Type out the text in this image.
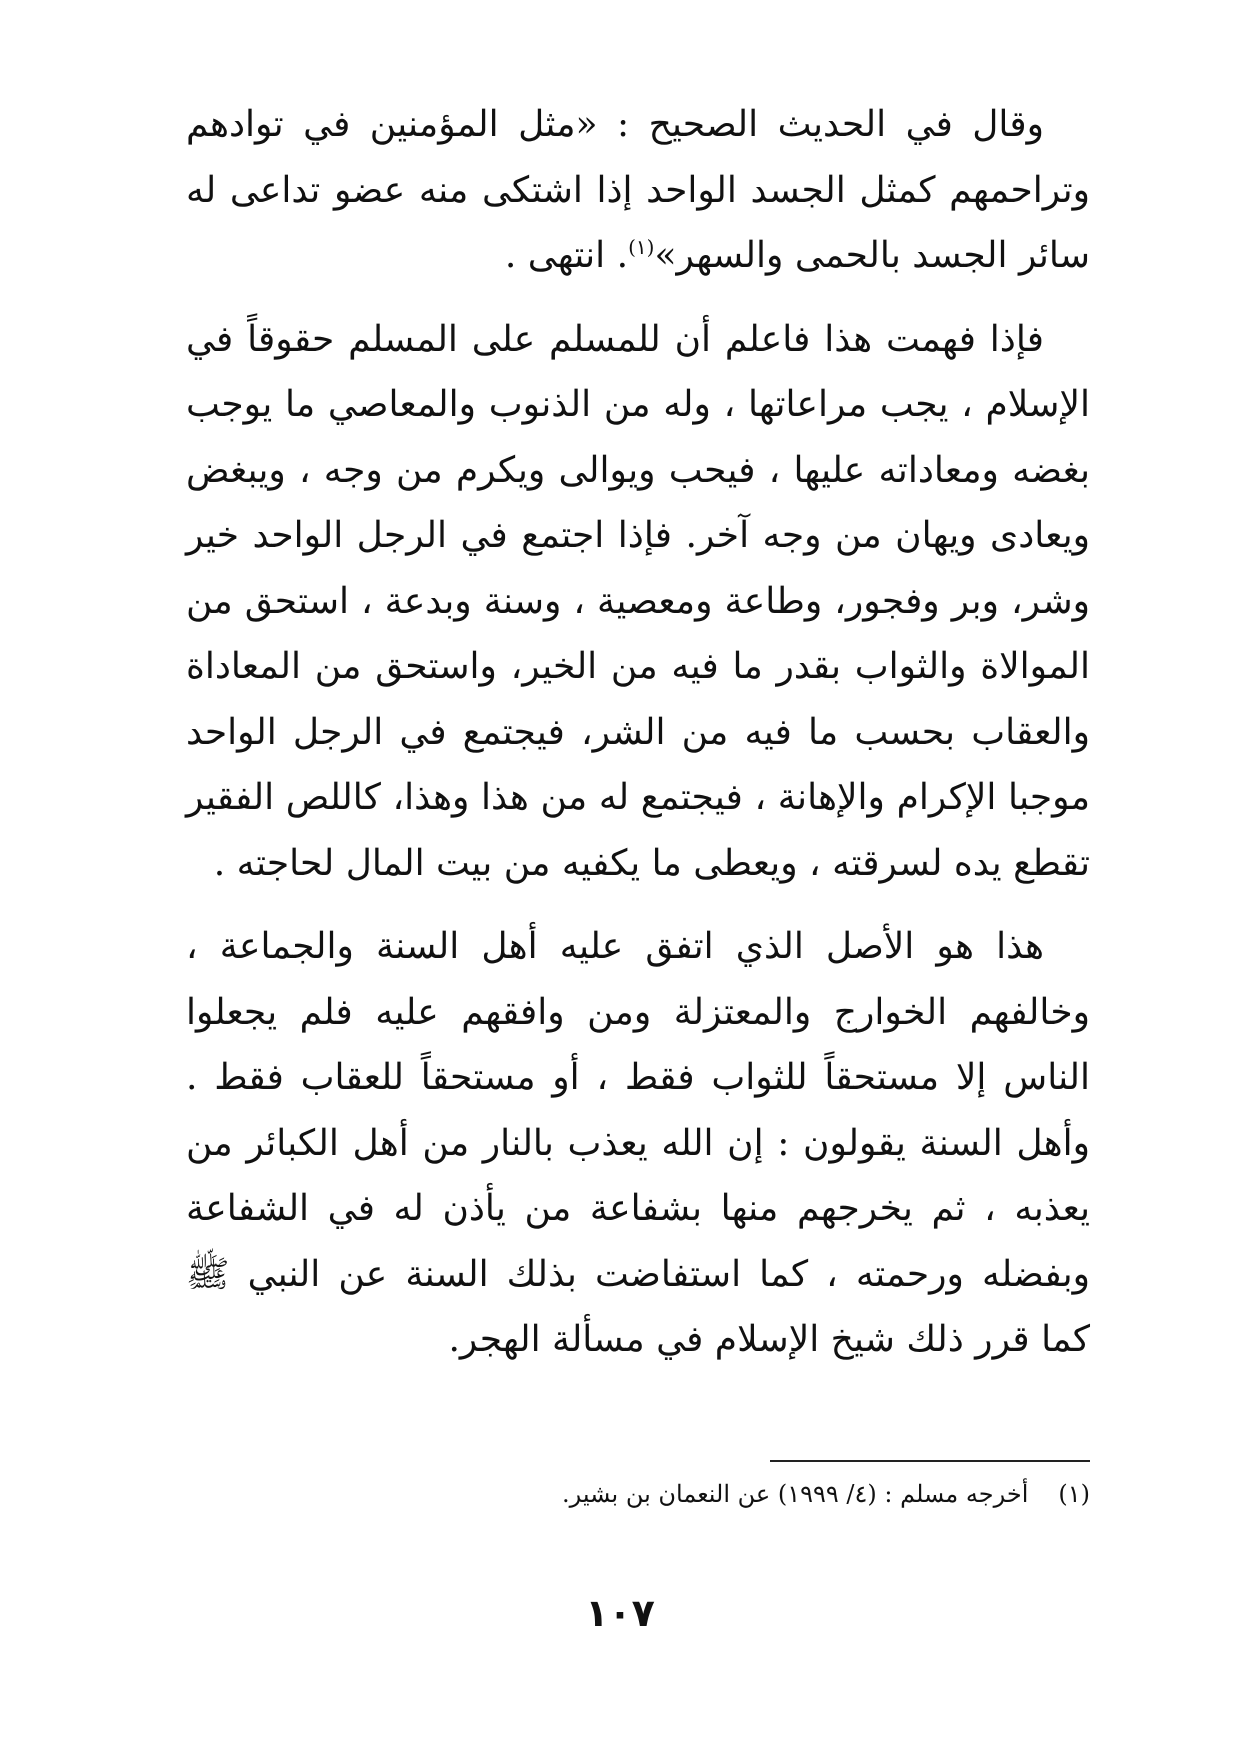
وقال في الحديث الصحيح : «مثل المؤمنين في توادهم وتراحمهم كمثل الجسد الواحد إذا اشتكى منه عضو تداعى له سائر الجسد بالحمى والسهر»$^{(١)}$. انتهى .

فإذا فهمت هذا فاعلم أن للمسلم على المسلم حقوقاً في الإسلام ، يجب مراعاتها ، وله من الذنوب والمعاصي ما يوجب بغضه ومعاداته عليها ، فيحب ويوالى ويكرم من وجه ، ويبغض ويعادى ويهان من وجه آخر. فإذا اجتمع في الرجل الواحد خير وشر، وبر وفجور، وطاعة ومعصية ، وسنة وبدعة ، استحق من الموالاة والثواب بقدر ما فيه من الخير، واستحق من المعاداة والعقاب بحسب ما فيه من الشر، فيجتمع في الرجل الواحد موجبا الإكرام والإهانة ، فيجتمع له من هذا وهذا، كاللص الفقير تقطع يده لسرقته ، ويعطى ما يكفيه من بيت المال لحاجته .

هذا هو الأصل الذي اتفق عليه أهل السنة والجماعة ، وخالفهم الخوارج والمعتزلة ومن وافقهم عليه فلم يجعلوا الناس إلا مستحقاً للثواب فقط ، أو مستحقاً للعقاب فقط . وأهل السنة يقولون : إن الله يعذب بالنار من أهل الكبائر من يعذبه ، ثم يخرجهم منها بشفاعة من يأذن له في الشفاعة وبفضله ورحمته ، كما استفاضت بذلك السنة عن النبي ﷺ كما قرر ذلك شيخ الإسلام في مسألة الهجر.

(١)أخرجه مسلم : (٤/ ١٩٩٩) عن النعمان بن بشير.
١٠٧
